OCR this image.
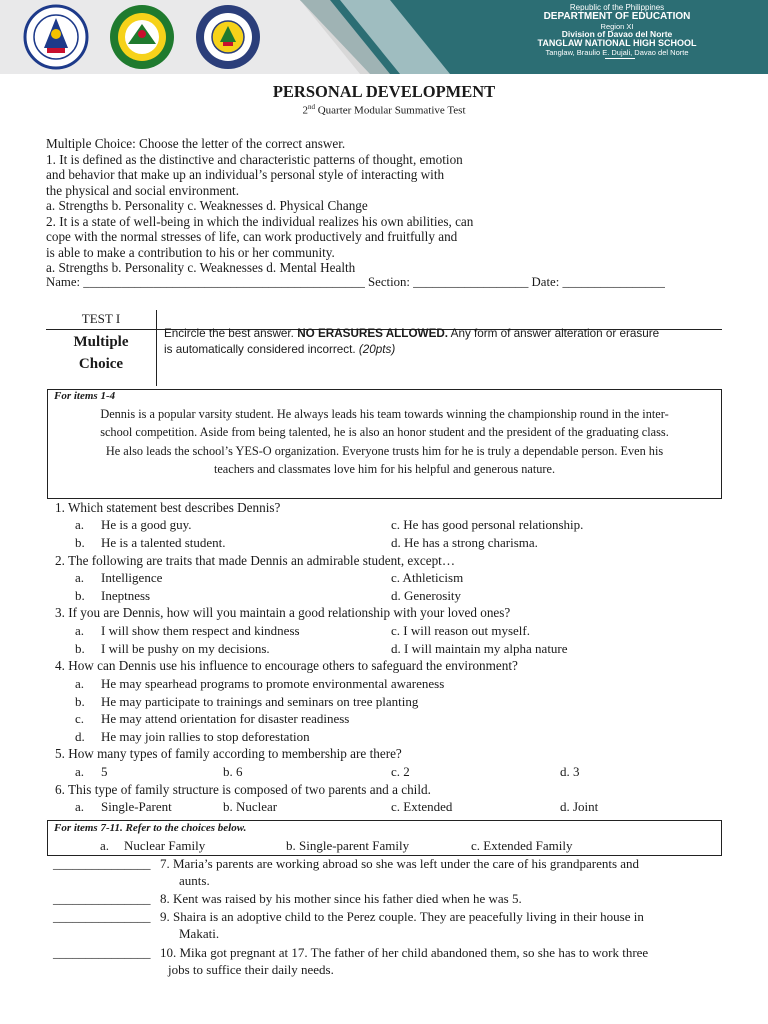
Republic of the Philippines
DEPARTMENT OF EDUCATION
Region XI
Division of Davao del Norte
TANGLAW NATIONAL HIGH SCHOOL
Tanglaw, Braulio E. Dujali, Davao del Norte
PERSONAL DEVELOPMENT
2nd Quarter Modular Summative Test
Multiple Choice: Choose the letter of the correct answer.
1. It is defined as the distinctive and characteristic patterns of thought, emotion
and behavior that make up an individual’s personal style of interacting with
the physical and social environment.
a. Strengths b. Personality c. Weaknesses d. Physical Change
2. It is a state of well-being in which the individual realizes his own abilities, can
cope with the normal stresses of life, can work productively and fruitfully and
is able to make a contribution to his or her community.
a. Strengths b. Personality c. Weaknesses d. Mental Health
Name: ____________________________________________ Section: __________________ Date: ________________
TEST I
Multiple
Choice
Encircle the best answer. NO ERASURES ALLOWED. Any form of answer alteration or erasure
is automatically considered incorrect. (20pts)
For items 1-4
Dennis is a popular varsity student. He always leads his team towards winning the championship round in the inter-
school competition. Aside from being talented, he is also an honor student and the president of the graduating class.
He also leads the school’s YES-O organization. Everyone trusts him for he is truly a dependable person. Even his
teachers and classmates love him for his helpful and generous nature.
1. Which statement best describes Dennis?
a. He is a good guy.	c. He has good personal relationship.
b. He is a talented student.	d. He has a strong charisma.
2. The following are traits that made Dennis an admirable student, except…
a. Intelligence	c. Athleticism
b. Ineptness	d. Generosity
3. If you are Dennis, how will you maintain a good relationship with your loved ones?
a. I will show them respect and kindness	c. I will reason out myself.
b. I will be pushy on my decisions.	d. I will maintain my alpha nature
4. How can Dennis use his influence to encourage others to safeguard the environment?
a. He may spearhead programs to promote environmental awareness
b. He may participate to trainings and seminars on tree planting
c. He may attend orientation for disaster readiness
d. He may join rallies to stop deforestation
5. How many types of family according to membership are there?
a. 5	b. 6	c. 2	d. 3
6. This type of family structure is composed of two parents and a child.
a. Single-Parent	b. Nuclear	c. Extended	d. Joint
For items 7-11. Refer to the choices below.
a. Nuclear Family	b. Single-parent Family	c. Extended Family
_______________ 7. Maria’s parents are working abroad so she was left under the care of his grandparents and
aunts.
_______________ 8. Kent was raised by his mother since his father died when he was 5.
_______________ 9. Shaira is an adoptive child to the Perez couple. They are peacefully living in their house in
Makati.
_______________ 10. Mika got pregnant at 17. The father of her child abandoned them, so she has to work three
jobs to suffice their daily needs.
